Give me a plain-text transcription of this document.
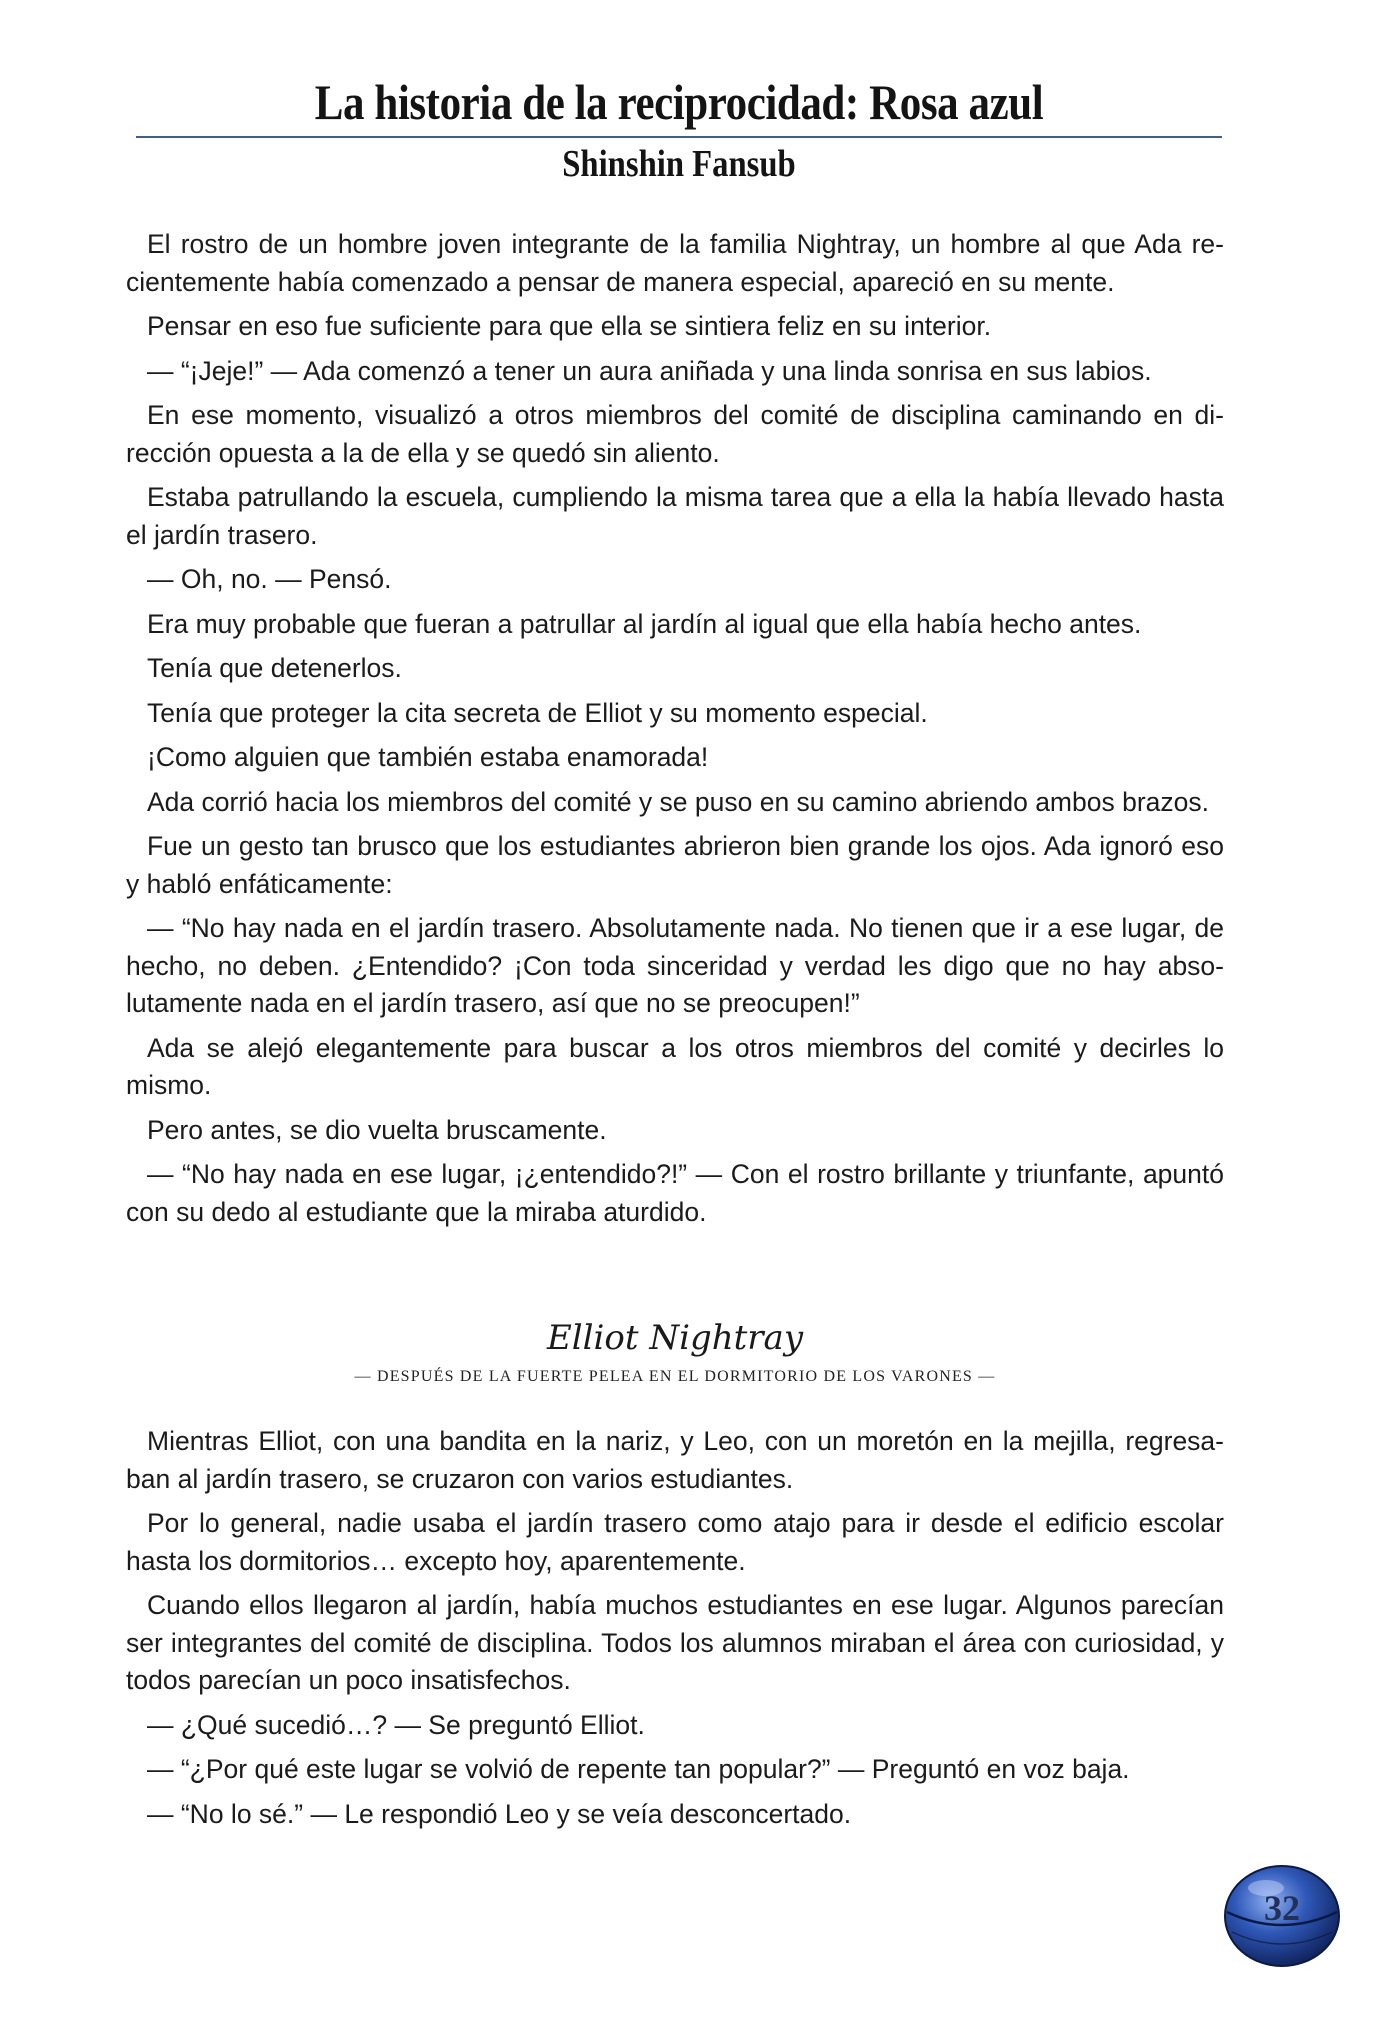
La historia de la reciprocidad: Rosa azul
Shinshin Fansub

El rostro de un hombre joven integrante de la familia Nightray, un hombre al que Ada re-cientemente había comenzado a pensar de manera especial, apareció en su mente.

Pensar en eso fue suficiente para que ella se sintiera feliz en su interior.

— “¡Jeje!” — Ada comenzó a tener un aura aniñada y una linda sonrisa en sus labios.

En ese momento, visualizó a otros miembros del comité de disciplina caminando en di-rección opuesta a la de ella y se quedó sin aliento.

Estaba patrullando la escuela, cumpliendo la misma tarea que a ella la había llevado hasta el jardín trasero.

— Oh, no. — Pensó.

Era muy probable que fueran a patrullar al jardín al igual que ella había hecho antes.

Tenía que detenerlos.

Tenía que proteger la cita secreta de Elliot y su momento especial.

¡Como alguien que también estaba enamorada!

Ada corrió hacia los miembros del comité y se puso en su camino abriendo ambos brazos.

Fue un gesto tan brusco que los estudiantes abrieron bien grande los ojos. Ada ignoró eso y habló enfáticamente:

— “No hay nada en el jardín trasero. Absolutamente nada. No tienen que ir a ese lugar, de hecho, no deben. ¿Entendido? ¡Con toda sinceridad y verdad les digo que no hay abso-lutamente nada en el jardín trasero, así que no se preocupen!”

Ada se alejó elegantemente para buscar a los otros miembros del comité y decirles lo mismo.

Pero antes, se dio vuelta bruscamente.

— “No hay nada en ese lugar, ¡¿entendido?!” — Con el rostro brillante y triunfante, apuntó con su dedo al estudiante que la miraba aturdido.

Elliot Nightray
— DESPUÉS DE LA FUERTE PELEA EN EL DORMITORIO DE LOS VARONES —

Mientras Elliot, con una bandita en la nariz, y Leo, con un moretón en la mejilla, regresa-ban al jardín trasero, se cruzaron con varios estudiantes.

Por lo general, nadie usaba el jardín trasero como atajo para ir desde el edificio escolar hasta los dormitorios… excepto hoy, aparentemente.

Cuando ellos llegaron al jardín, había muchos estudiantes en ese lugar. Algunos parecían ser integrantes del comité de disciplina. Todos los alumnos miraban el área con curiosidad, y todos parecían un poco insatisfechos.

— ¿Qué sucedió…? — Se preguntó Elliot.

— “¿Por qué este lugar se volvió de repente tan popular?” — Preguntó en voz baja.

— “No lo sé.” — Le respondió Leo y se veía desconcertado.

32
